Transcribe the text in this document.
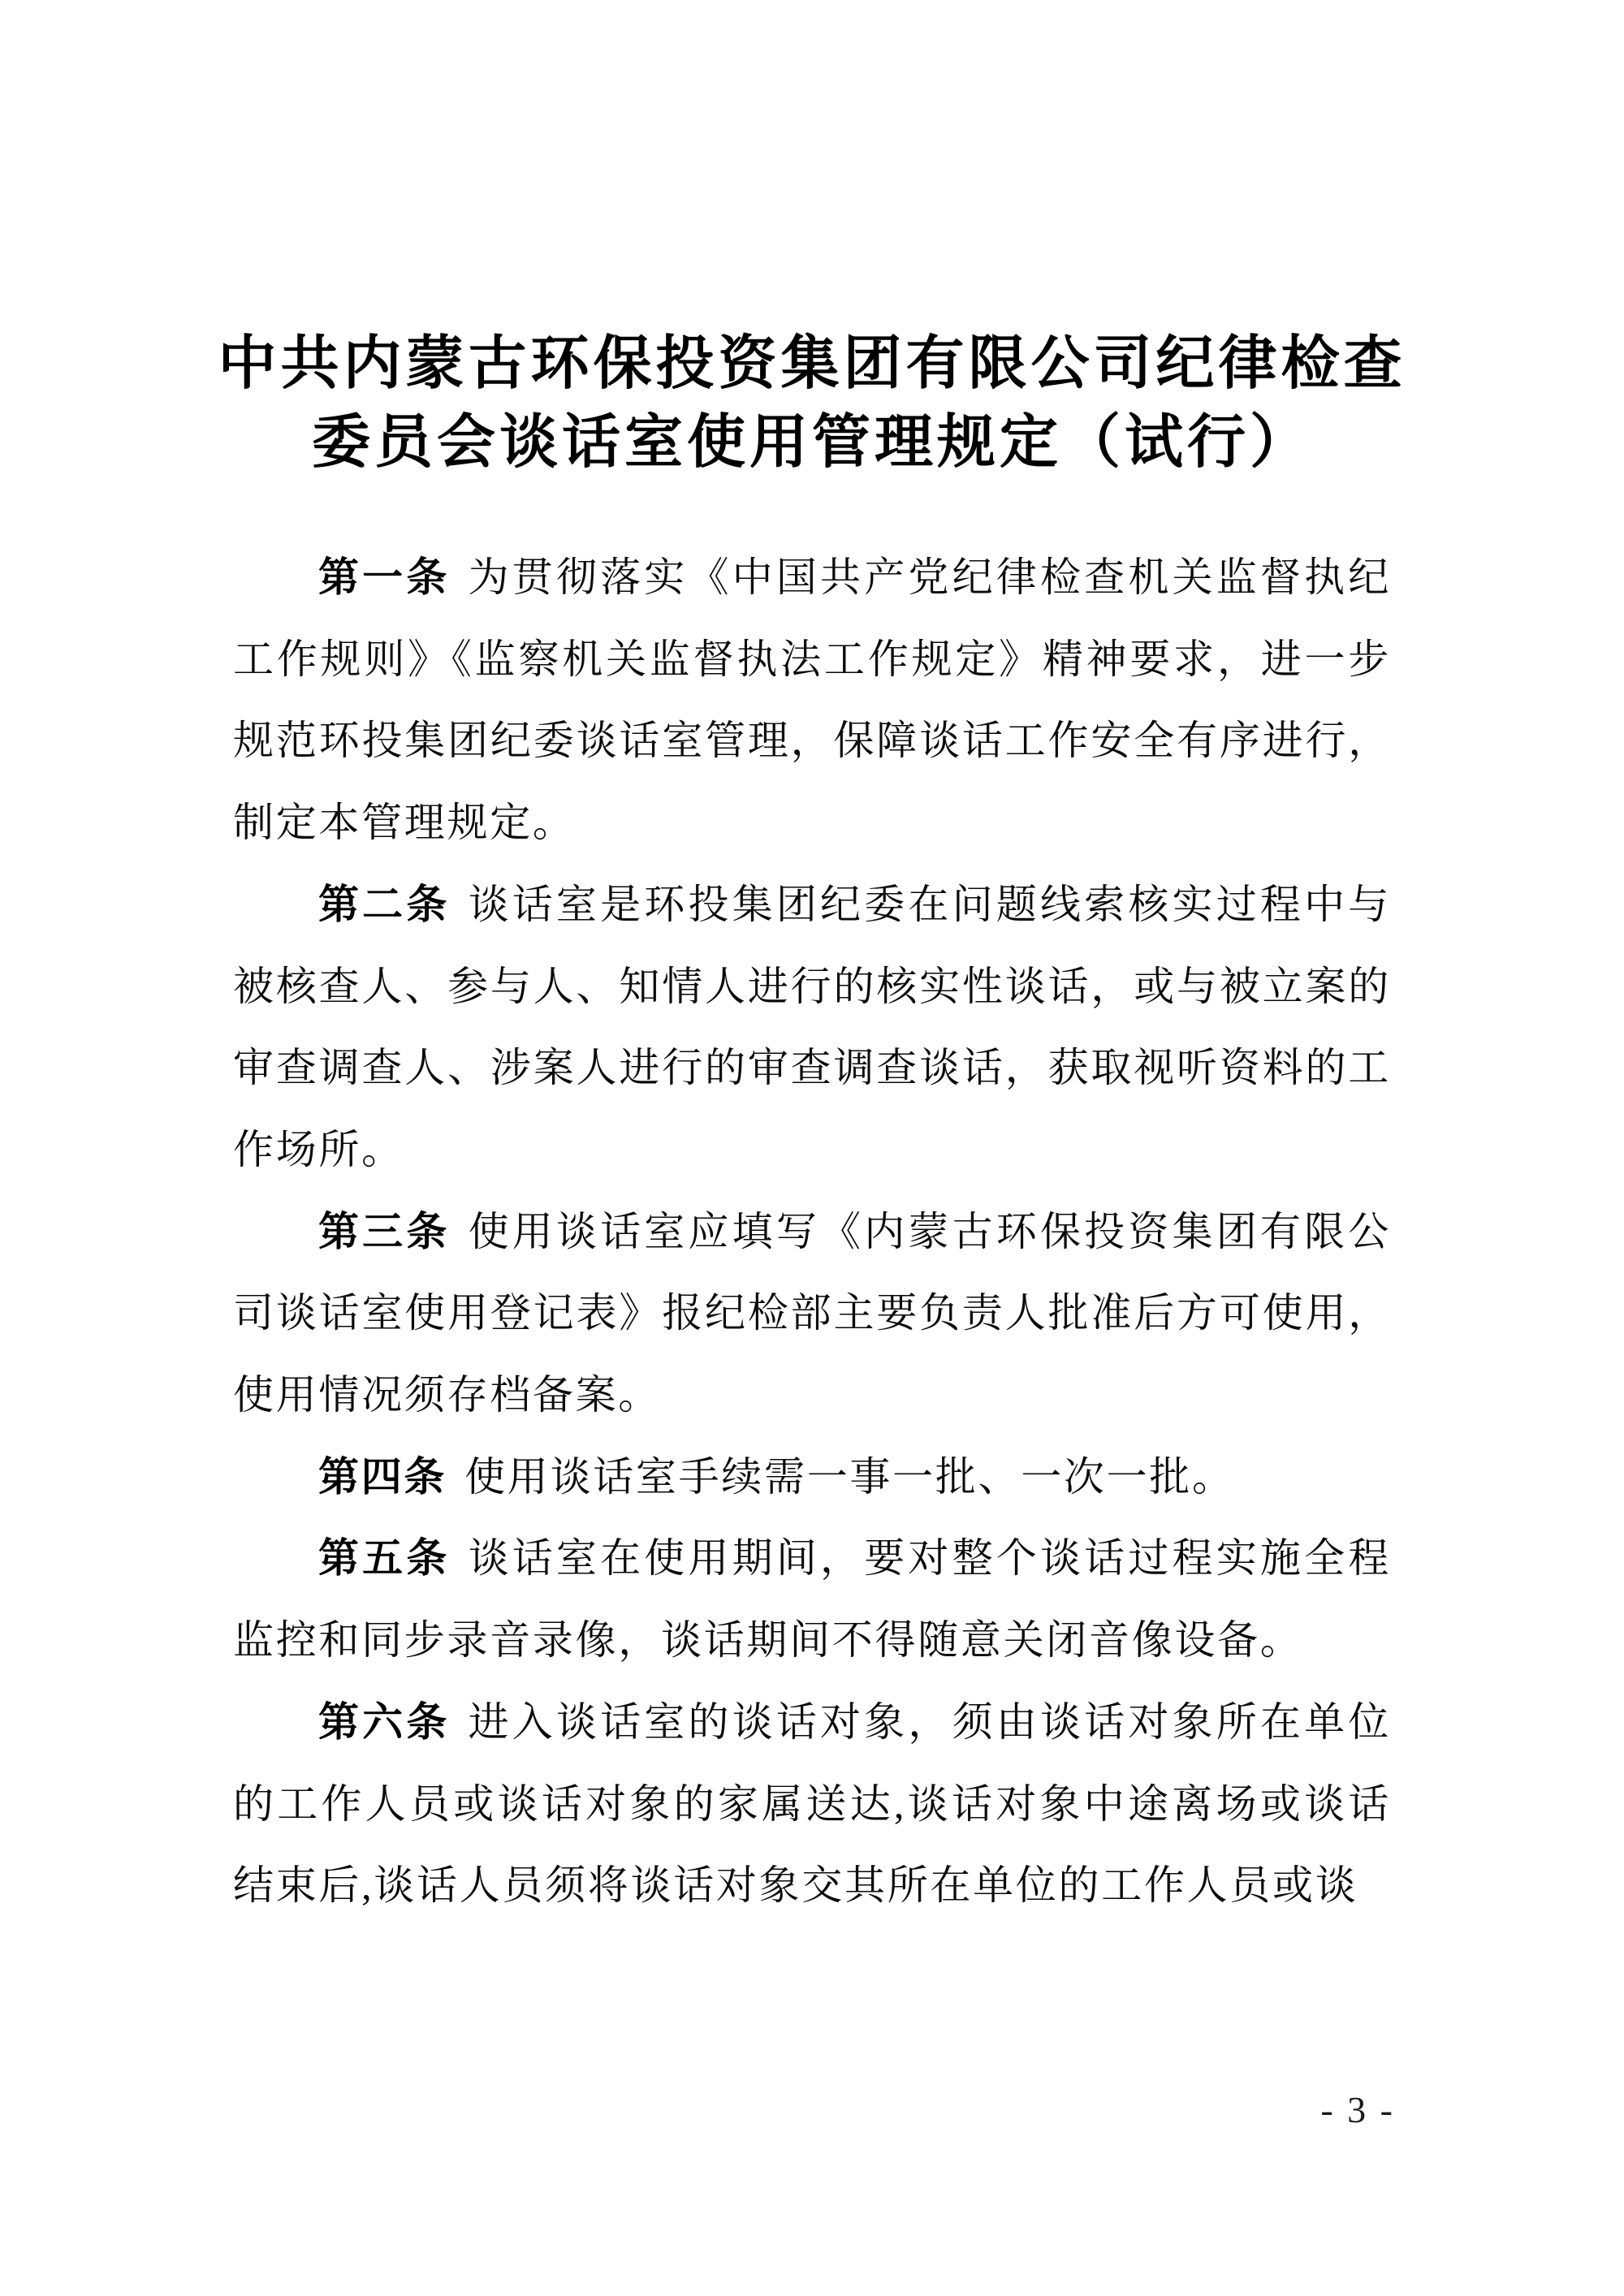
中共内蒙古环保投资集团有限公司纪律检查
委员会谈话室使用管理规定（试行）

第一条 为贯彻落实《中国共产党纪律检查机关监督执纪工作规则》《监察机关监督执法工作规定》精神要求，进一步规范环投集团纪委谈话室管理，保障谈话工作安全有序进行，制定本管理规定。

第二条 谈话室是环投集团纪委在问题线索核实过程中与被核查人、参与人、知情人进行的核实性谈话，或与被立案的审查调查人、涉案人进行的审查调查谈话，获取视听资料的工作场所。

第三条 使用谈话室应填写《内蒙古环保投资集团有限公司谈话室使用登记表》报纪检部主要负责人批准后方可使用，使用情况须存档备案。

第四条 使用谈话室手续需一事一批、一次一批。

第五条 谈话室在使用期间，要对整个谈话过程实施全程监控和同步录音录像，谈话期间不得随意关闭音像设备。

第六条 进入谈话室的谈话对象，须由谈话对象所在单位的工作人员或谈话对象的家属送达,谈话对象中途离场或谈话结束后,谈话人员须将谈话对象交其所在单位的工作人员或谈

- 3 -
